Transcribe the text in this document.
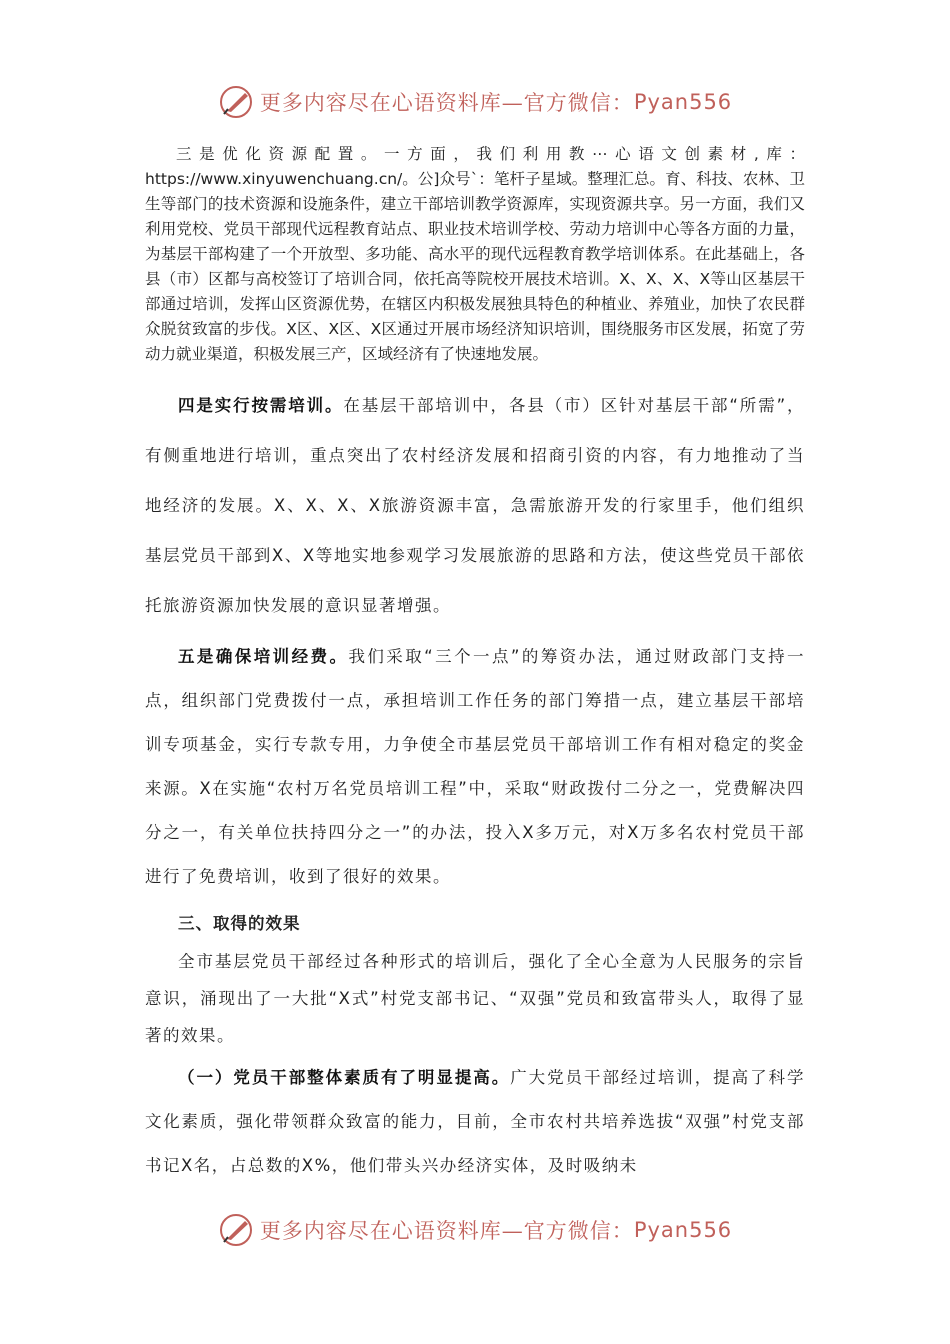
更多内容尽在心语资料库—官方微信： Pyan556

三是优化资源配置。一方面，我们利用教⋯心语文创素材,库：https://www.xinyuwenchuang.cn/。公]众号`：笔杆子星域。整理汇总。育、科技、农林、卫生等部门的技术资源和设施条件，建立干部培训教学资源库，实现资源共享。另一方面，我们又利用党校、党员干部现代远程教育站点、职业技术培训学校、劳动力培训中心等各方面的力量，为基层干部构建了一个开放型、多功能、高水平的现代远程教育教学培训体系。在此基础上，各县（市）区都与高校签订了培训合同，依托高等院校开展技术培训。X、X、X、X等山区基层干部通过培训，发挥山区资源优势，在辖区内积极发展独具特色的种植业、养殖业，加快了农民群众脱贫致富的步伐。X区、X区、X区通过开展市场经济知识培训，围绕服务市区发展，拓宽了劳动力就业渠道，积极发展三产，区域经济有了快速地发展。

四是实行按需培训。在基层干部培训中，各县（市）区针对基层干部“所需”，有侧重地进行培训，重点突出了农村经济发展和招商引资的内容，有力地推动了当地经济的发展。X、X、X、X旅游资源丰富，急需旅游开发的行家里手，他们组织基层党员干部到X、X等地实地参观学习发展旅游的思路和方法，使这些党员干部依托旅游资源加快发展的意识显著增强。

五是确保培训经费。我们采取“三个一点”的筹资办法，通过财政部门支持一点，组织部门党费拨付一点，承担培训工作任务的部门筹措一点，建立基层干部培训专项基金，实行专款专用，力争使全市基层党员干部培训工作有相对稳定的奖金来源。X在实施“农村万名党员培训工程”中，采取“财政拨付二分之一，党费解决四分之一，有关单位扶持四分之一”的办法，投入X多万元，对X万多名农村党员干部进行了免费培训，收到了很好的效果。

三、取得的效果

全市基层党员干部经过各种形式的培训后，强化了全心全意为人民服务的宗旨意识，涌现出了一大批“X式”村党支部书记、“双强”党员和致富带头人，取得了显著的效果。

（一）党员干部整体素质有了明显提高。广大党员干部经过培训，提高了科学文化素质，强化带领群众致富的能力，目前，全市农村共培养选拔“双强”村党支部书记X名，占总数的X%，他们带头兴办经济实体，及时吸纳未

更多内容尽在心语资料库—官方微信： Pyan556
